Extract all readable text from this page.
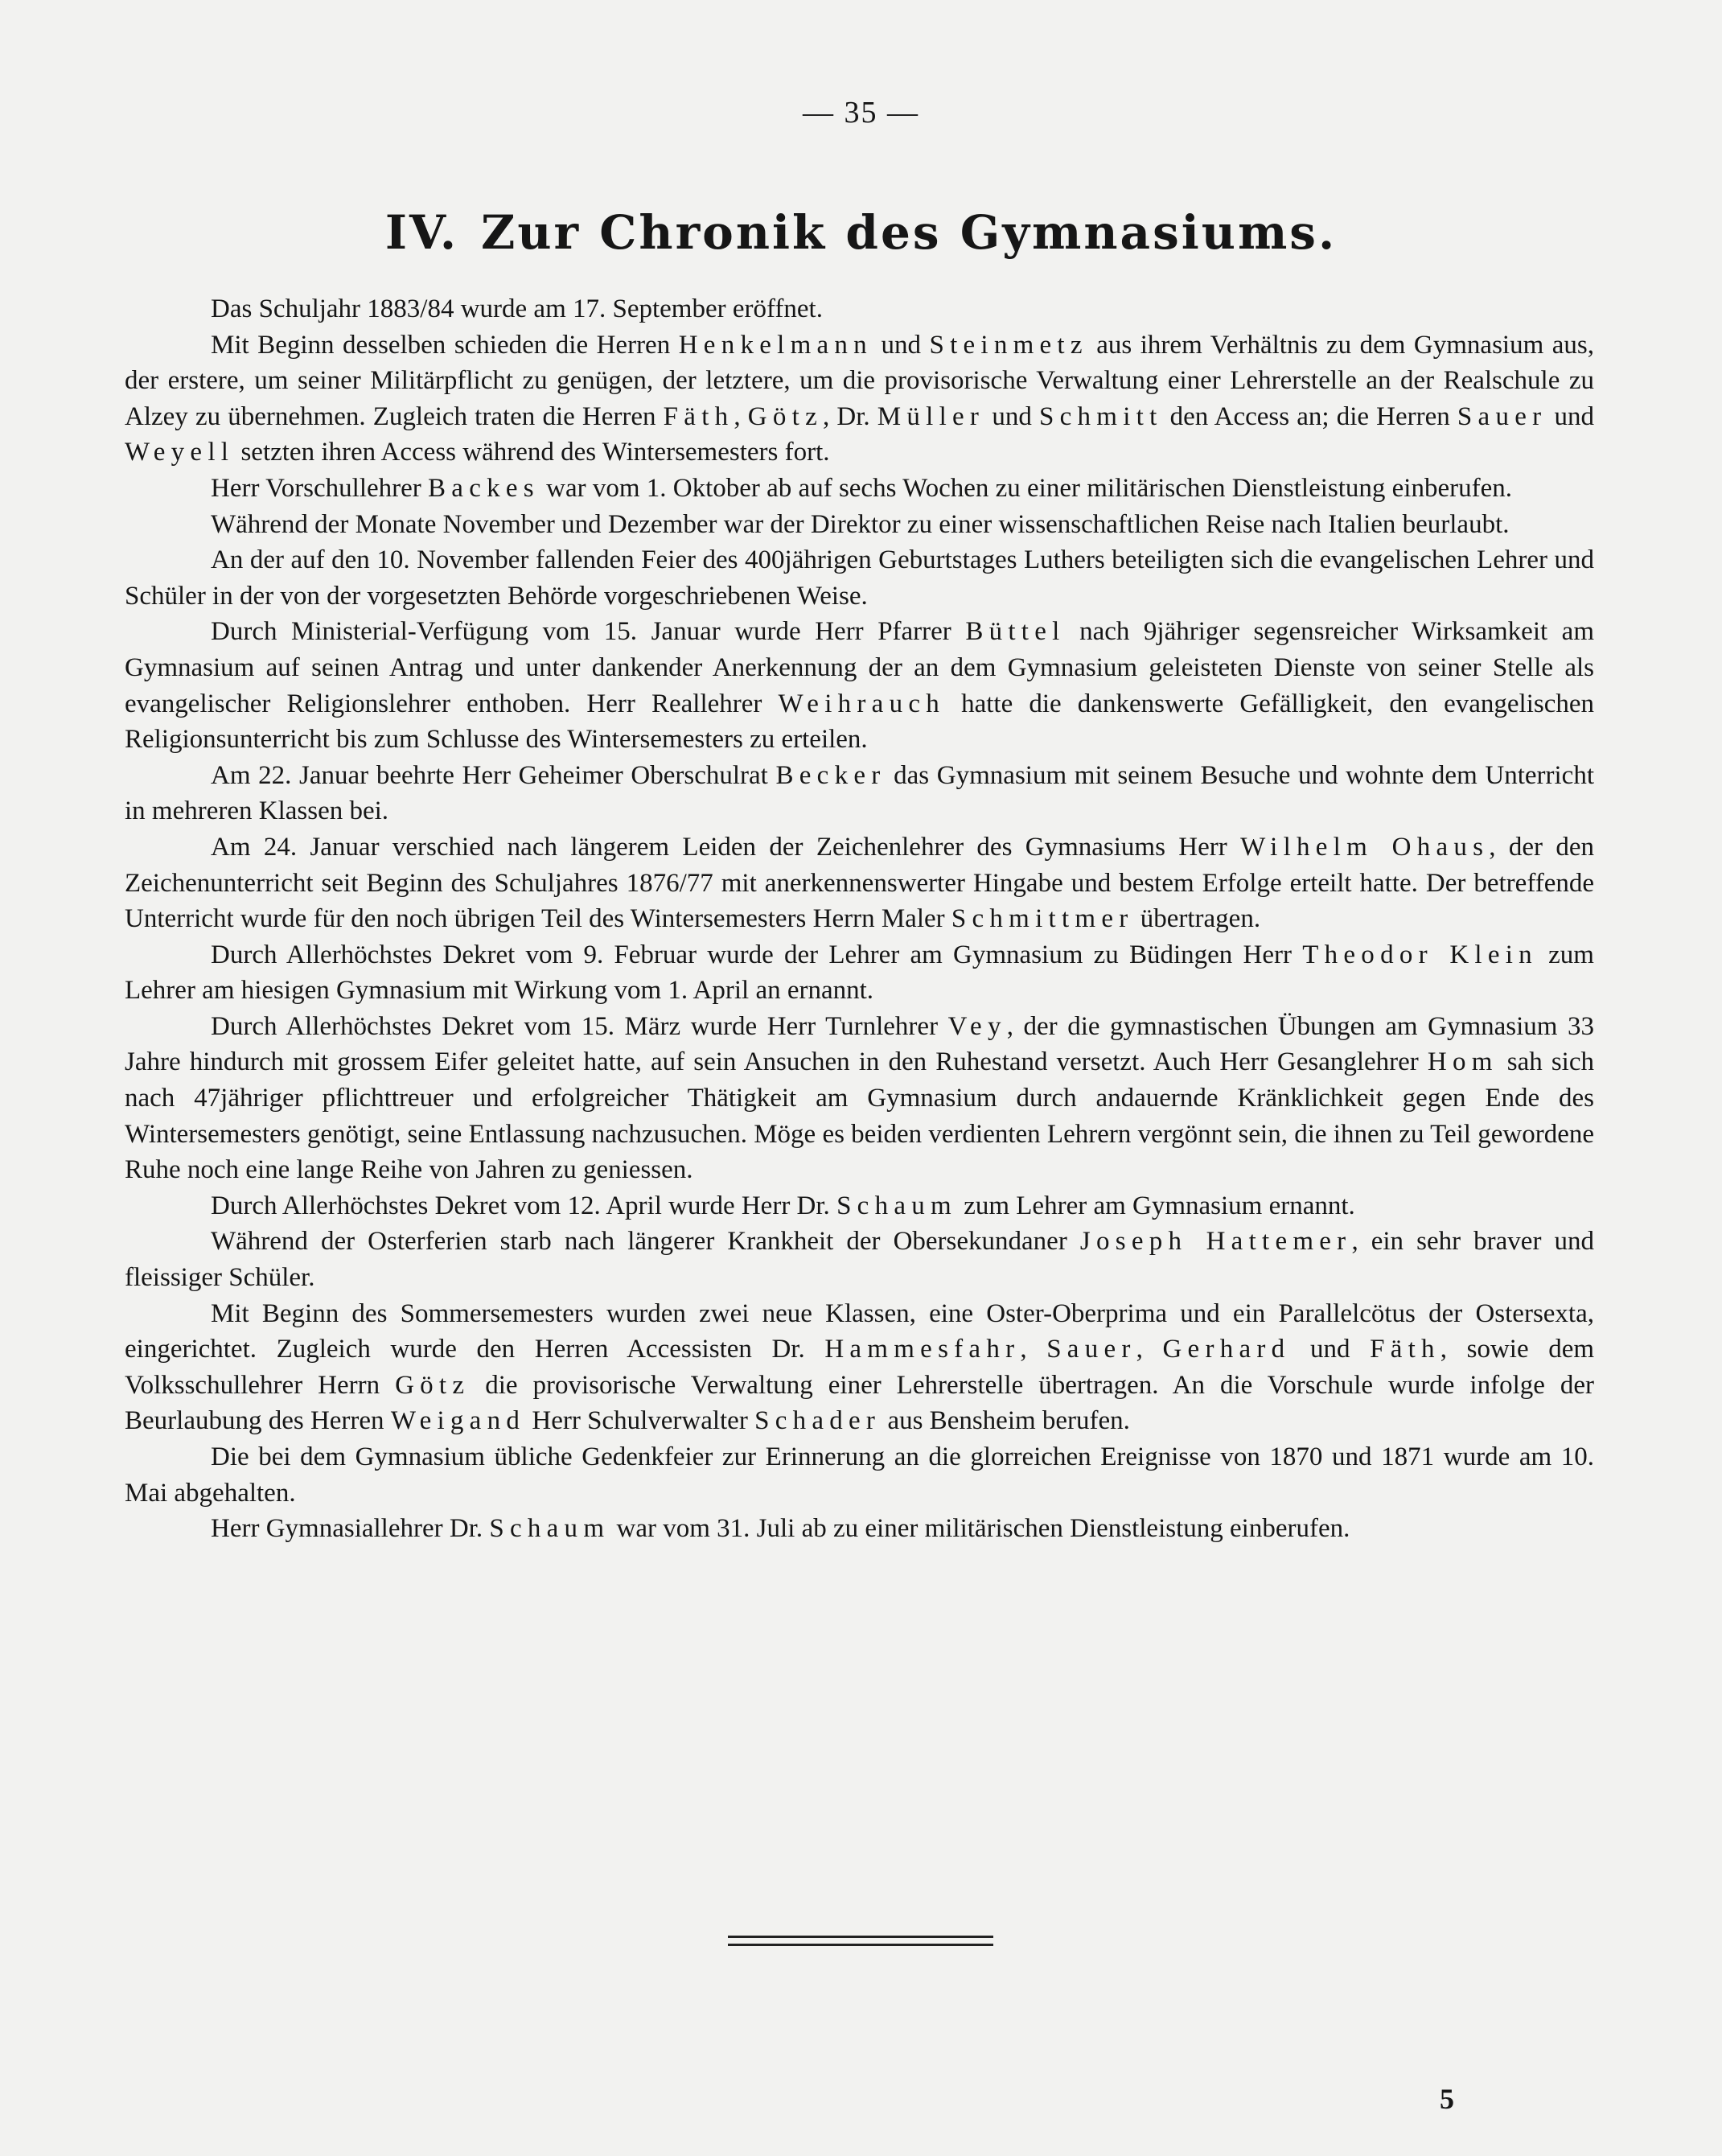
— 35 —
IV. Zur Chronik des Gymnasiums.

Das Schuljahr 1883/84 wurde am 17. September eröffnet.

Mit Beginn desselben schieden die Herren Henkelmann und Steinmetz aus ihrem Verhältnis zu dem Gymnasium aus, der erstere, um seiner Militärpflicht zu genügen, der letztere, um die provisorische Verwaltung einer Lehrerstelle an der Realschule zu Alzey zu übernehmen. Zugleich traten die Herren Fäth, Götz, Dr. Müller und Schmitt den Access an; die Herren Sauer und Weyell setzten ihren Access während des Wintersemesters fort.

Herr Vorschullehrer Backes war vom 1. Oktober ab auf sechs Wochen zu einer militärischen Dienstleistung einberufen.

Während der Monate November und Dezember war der Direktor zu einer wissenschaftlichen Reise nach Italien beurlaubt.

An der auf den 10. November fallenden Feier des 400jährigen Geburtstages Luthers beteiligten sich die evangelischen Lehrer und Schüler in der von der vorgesetzten Behörde vorgeschriebenen Weise.

Durch Ministerial-Verfügung vom 15. Januar wurde Herr Pfarrer Büttel nach 9jähriger segensreicher Wirksamkeit am Gymnasium auf seinen Antrag und unter dankender Anerkennung der an dem Gymnasium geleisteten Dienste von seiner Stelle als evangelischer Religionslehrer enthoben. Herr Reallehrer Weihrauch hatte die dankenswerte Gefälligkeit, den evangelischen Religionsunterricht bis zum Schlusse des Wintersemesters zu erteilen.

Am 22. Januar beehrte Herr Geheimer Oberschulrat Becker das Gymnasium mit seinem Besuche und wohnte dem Unterricht in mehreren Klassen bei.

Am 24. Januar verschied nach längerem Leiden der Zeichenlehrer des Gymnasiums Herr Wilhelm Ohaus, der den Zeichenunterricht seit Beginn des Schuljahres 1876/77 mit anerkennenswerter Hingabe und bestem Erfolge erteilt hatte. Der betreffende Unterricht wurde für den noch übrigen Teil des Wintersemesters Herrn Maler Schmittmer übertragen.

Durch Allerhöchstes Dekret vom 9. Februar wurde der Lehrer am Gymnasium zu Büdingen Herr Theodor Klein zum Lehrer am hiesigen Gymnasium mit Wirkung vom 1. April an ernannt.

Durch Allerhöchstes Dekret vom 15. März wurde Herr Turnlehrer Vey, der die gymnastischen Übungen am Gymnasium 33 Jahre hindurch mit grossem Eifer geleitet hatte, auf sein Ansuchen in den Ruhestand versetzt. Auch Herr Gesanglehrer Hom sah sich nach 47jähriger pflichttreuer und erfolgreicher Thätigkeit am Gymnasium durch andauernde Kränklichkeit gegen Ende des Wintersemesters genötigt, seine Entlassung nachzusuchen. Möge es beiden verdienten Lehrern vergönnt sein, die ihnen zu Teil gewordene Ruhe noch eine lange Reihe von Jahren zu geniessen.

Durch Allerhöchstes Dekret vom 12. April wurde Herr Dr. Schaum zum Lehrer am Gymnasium ernannt.

Während der Osterferien starb nach längerer Krankheit der Obersekundaner Joseph Hattemer, ein sehr braver und fleissiger Schüler.

Mit Beginn des Sommersemesters wurden zwei neue Klassen, eine Oster-Oberprima und ein Parallelcötus der Ostersexta, eingerichtet. Zugleich wurde den Herren Accessisten Dr. Hammesfahr, Sauer, Gerhard und Fäth, sowie dem Volksschullehrer Herrn Götz die provisorische Verwaltung einer Lehrerstelle übertragen. An die Vorschule wurde infolge der Beurlaubung des Herren Weigand Herr Schulverwalter Schader aus Bensheim berufen.

Die bei dem Gymnasium übliche Gedenkfeier zur Erinnerung an die glorreichen Ereignisse von 1870 und 1871 wurde am 10. Mai abgehalten.

Herr Gymnasiallehrer Dr. Schaum war vom 31. Juli ab zu einer militärischen Dienstleistung einberufen.

5
